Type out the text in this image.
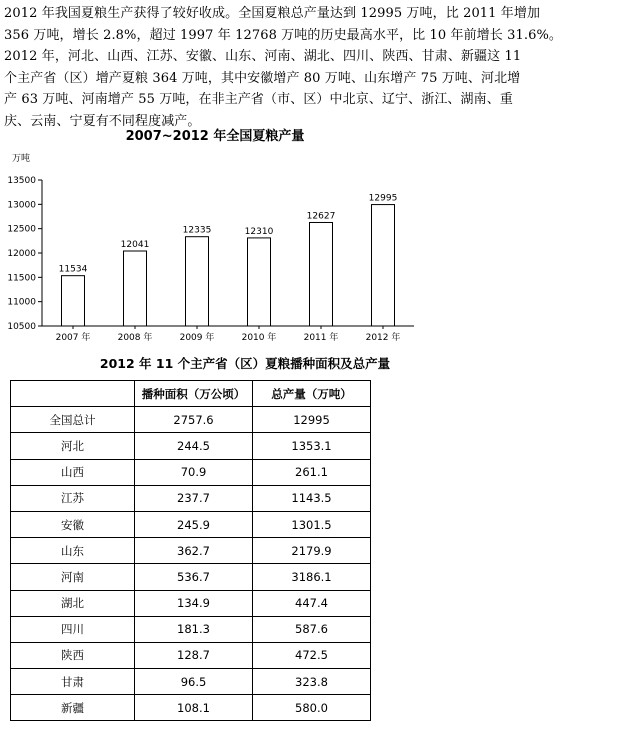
2012 年我国夏粮生产获得了较好收成。全国夏粮总产量达到 12995 万吨，比 2011 年增加
356 万吨，增长 2.8%，超过 1997 年 12768 万吨的历史最高水平，比 10 年前增长 31.6%。
2012 年，河北、山西、江苏、安徽、山东、河南、湖北、四川、陕西、甘肃、新疆这 11
个主产省（区）增产夏粮 364 万吨，其中安徽增产 80 万吨、山东增产 75 万吨、河北增
产 63 万吨、河南增产 55 万吨，在非主产省（市、区）中北京、辽宁、浙江、湖南、重
庆、云南、宁夏有不同程度减产。
2007~2012 年全国夏粮产量
万吨
10500
11000
11500
12000
12500
13000
13500
2007 年	2008 年	2009 年	2010 年	2011 年	2012 年
11534
12041
12335	12310
12627
12995
2012 年 11 个主产省（区）夏粮播种面积及总产量
	播种面积（万公顷）	总产量（万吨）
全国总计	2757.6	12995
河北	244.5	1353.1
山西	70.9	261.1
江苏	237.7	1143.5
安徽	245.9	1301.5
山东	362.7	2179.9
河南	536.7	3186.1
湖北	134.9	447.4
四川	181.3	587.6
陕西	128.7	472.5
甘肃	96.5	323.8
新疆	108.1	580.0
